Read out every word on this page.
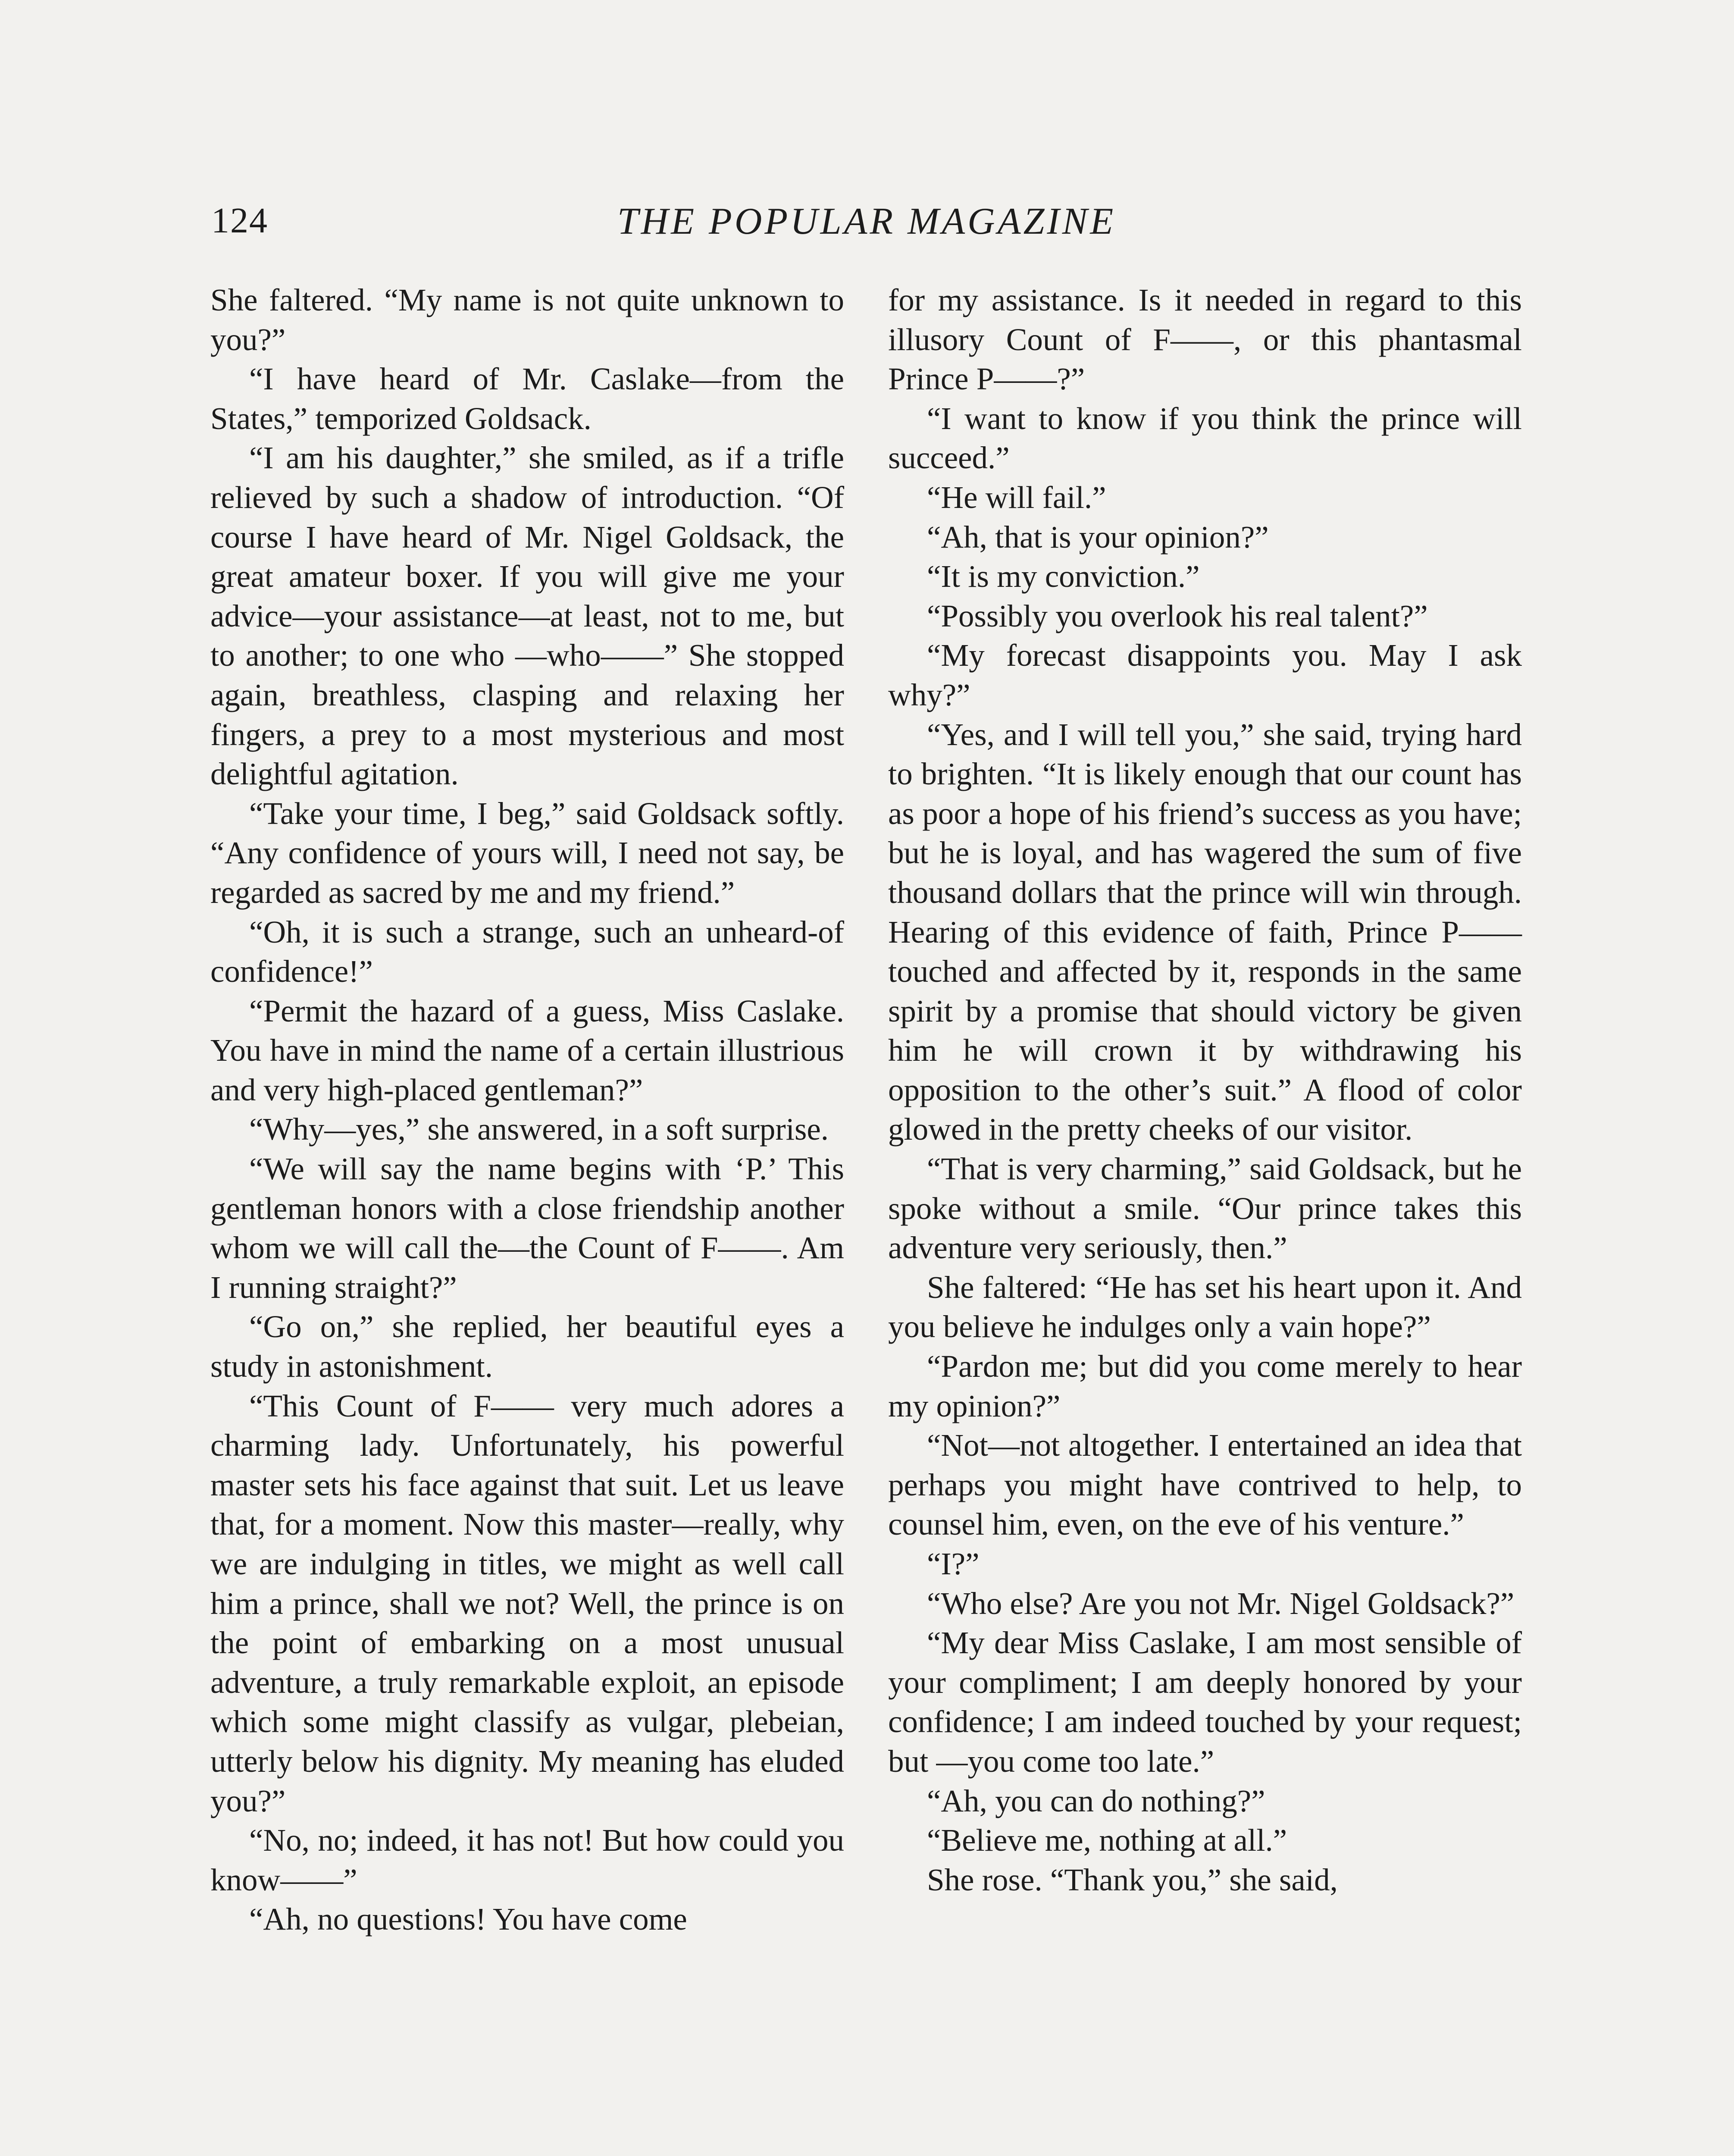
124	THE POPULAR MAGAZINE

She faltered. “My name is not quite unknown to you?”

“I have heard of Mr. Caslake—from the States,” temporized Goldsack.

“I am his daughter,” she smiled, as if a trifle relieved by such a shadow of introduction. “Of course I have heard of Mr. Nigel Goldsack, the great amateur boxer. If you will give me your advice—your assistance—at least, not to me, but to another; to one who —who——” She stopped again, breathless, clasping and relaxing her fingers, a prey to a most mysterious and most delightful agitation.

“Take your time, I beg,” said Goldsack softly. “Any confidence of yours will, I need not say, be regarded as sacred by me and my friend.”

“Oh, it is such a strange, such an unheard-of confidence!”

“Permit the hazard of a guess, Miss Caslake. You have in mind the name of a certain illustrious and very high-placed gentleman?”

“Why—yes,” she answered, in a soft surprise.

“We will say the name begins with ‘P.’ This gentleman honors with a close friendship another whom we will call the—the Count of F——. Am I running straight?”

“Go on,” she replied, her beautiful eyes a study in astonishment.

“This Count of F—— very much adores a charming lady. Unfortunately, his powerful master sets his face against that suit. Let us leave that, for a moment. Now this master—really, why we are indulging in titles, we might as well call him a prince, shall we not? Well, the prince is on the point of embarking on a most unusual adventure, a truly remarkable exploit, an episode which some might classify as vulgar, plebeian, utterly below his dignity. My meaning has eluded you?”

“No, no; indeed, it has not! But how could you know——”

“Ah, no questions! You have come

for my assistance. Is it needed in regard to this illusory Count of F——, or this phantasmal Prince P——?”

“I want to know if you think the prince will succeed.”

“He will fail.”

“Ah, that is your opinion?”

“It is my conviction.”

“Possibly you overlook his real talent?”

“My forecast disappoints you. May I ask why?”

“Yes, and I will tell you,” she said, trying hard to brighten. “It is likely enough that our count has as poor a hope of his friend’s success as you have; but he is loyal, and has wagered the sum of five thousand dollars that the prince will win through. Hearing of this evidence of faith, Prince P—— touched and affected by it, responds in the same spirit by a promise that should victory be given him he will crown it by withdrawing his opposition to the other’s suit.” A flood of color glowed in the pretty cheeks of our visitor.

“That is very charming,” said Goldsack, but he spoke without a smile. “Our prince takes this adventure very seriously, then.”

She faltered: “He has set his heart upon it. And you believe he indulges only a vain hope?”

“Pardon me; but did you come merely to hear my opinion?”

“Not—not altogether. I entertained an idea that perhaps you might have contrived to help, to counsel him, even, on the eve of his venture.”

“I?”

“Who else? Are you not Mr. Nigel Goldsack?”

“My dear Miss Caslake, I am most sensible of your compliment; I am deeply honored by your confidence; I am indeed touched by your request; but —you come too late.”

“Ah, you can do nothing?”

“Believe me, nothing at all.”

She rose. “Thank you,” she said,
